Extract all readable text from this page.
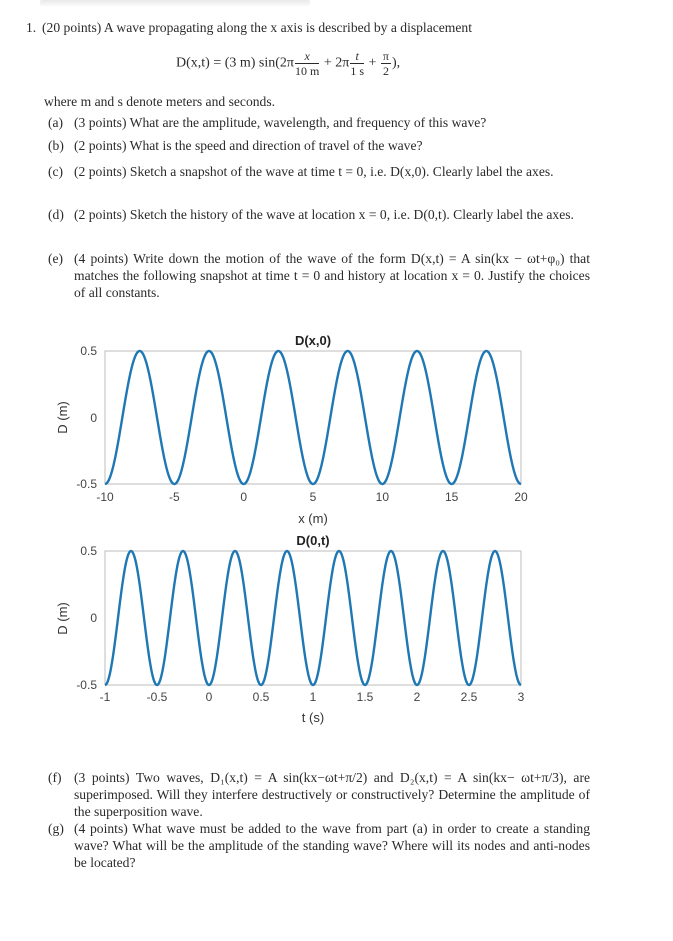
1. (20 points) A wave propagating along the x axis is described by a displacement
D(x,t) = (3 m) $\sin(2\pi \frac{x}{10 m} + 2\pi \frac{t}{1 s} + \frac{\pi}{2}$ ),
where m and s denote meters and seconds.
(a) (3 points) What are the amplitude, wavelength, and frequency of this wave?
(b) (2 points) What is the speed and direction of travel of the wave?
(c) (2 points) Sketch a snapshot of the wave at time t = 0, i.e. D(x,0). Clearly label the axes.
(d) (2 points) Sketch the history of the wave at location x = 0, i.e. D(0,t). Clearly label the axes.
(e) (4 points) Write down the motion of the wave of the form D(x,t) = A sin(kx − ωt+φ₀) that matches the following snapshot at time t = 0 and history at location x = 0. Justify the choices of all constants.
D(x,0)
0.5
0
-0.5
D (m)
-10	-5	0	5	10	15	20
x (m)
D(0,t)
0.5
0
-0.5
D (m)
-1	-0.5	0	0.5	1	1.5	2	2.5	3
t (s)
(f) (3 points) Two waves, D₁(x,t) = A sin(kx−ωt+π/2) and D₂(x,t) = A sin(kx− ωt+π/3), are superimposed. Will they interfere destructively or constructively? Determine the amplitude of the superposition wave.
(g) (4 points) What wave must be added to the wave from part (a) in order to create a standing wave? What will be the amplitude of the standing wave? Where will its nodes and anti-nodes be located?
